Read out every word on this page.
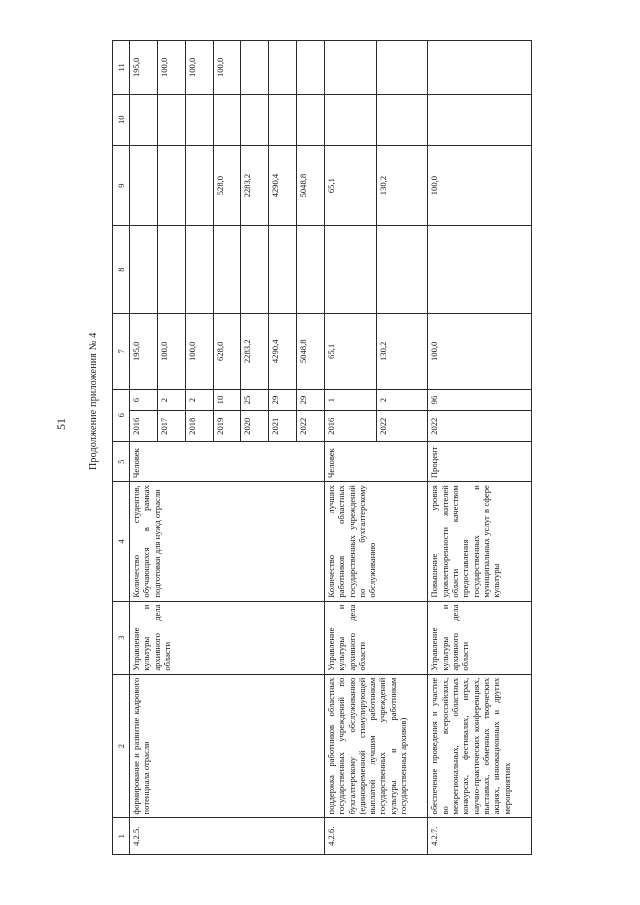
51 Продолжение приложения № 4
1	2	3	4	5	6		7	8	9	10	11
4.2.5.	формирование и развитие кадрового потенциала отрасли	Управление культуры и архивного дела области	Количество студентов, обучающихся в рамках подготовки для нужд отрасли	Человек	2016	6	195,0				195,0
					2017	2	100,0				100,0
					2018	2	100,0				100,0
					2019	10	628,0		528,0		100,0
					2020	25	2283,2		2283,2		
					2021	29	4290,4		4290,4		
					2022	29	5048,8		5048,8		
4.2.6.	поддержка работников областных государственных учреждений по бухгалтерскому обслуживанию (единовременной стимулирующей выплатой лучшим работникам государственных учреждений культуры и работникам государственных архивов)	Управление культуры и архивного дела области	Количество лучших работников областных государственных учреждений по бухгалтерскому обслуживанию	Человек	2016	1	65,1		65,1		
					2022	2	130,2		130,2		
4.2.7.	обеспечение проведения и участие во всероссийских, межрегиональных, областных конкурсах, фестивалях, играх, научно-практических конференциях, выставках, обменных творческих акциях, инновационных и других мероприятиях	Управление культуры и архивного дела области	Повышение уровня удовлетворенности жителей области качеством предоставления государственных и муниципальных услуг в сфере культуры	Процент	2022	96	100,0		100,0		
